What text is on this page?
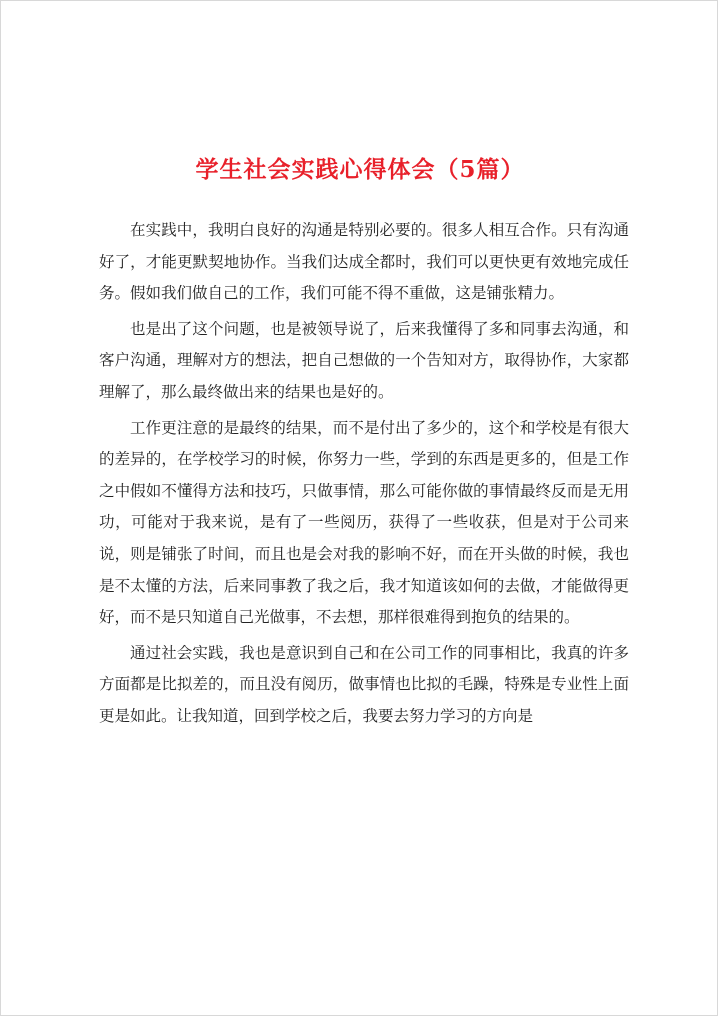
学生社会实践心得体会（5篇）

在实践中，我明白良好的沟通是特别必要的。很多人相互合作。只有沟通好了，才能更默契地协作。当我们达成全都时，我们可以更快更有效地完成任务。假如我们做自己的工作，我们可能不得不重做，这是铺张精力。

也是出了这个问题，也是被领导说了，后来我懂得了多和同事去沟通，和客户沟通，理解对方的想法，把自己想做的一个告知对方，取得协作，大家都理解了，那么最终做出来的结果也是好的。

工作更注意的是最终的结果，而不是付出了多少的，这个和学校是有很大的差异的，在学校学习的时候，你努力一些，学到的东西是更多的，但是工作之中假如不懂得方法和技巧，只做事情，那么可能你做的事情最终反而是无用功，可能对于我来说，是有了一些阅历，获得了一些收获，但是对于公司来说，则是铺张了时间，而且也是会对我的影响不好，而在开头做的时候，我也是不太懂的方法，后来同事教了我之后，我才知道该如何的去做，才能做得更好，而不是只知道自己光做事，不去想，那样很难得到抱负的结果的。

通过社会实践，我也是意识到自己和在公司工作的同事相比，我真的许多方面都是比拟差的，而且没有阅历，做事情也比拟的毛躁，特殊是专业性上面更是如此。让我知道，回到学校之后，我要去努力学习的方向是
